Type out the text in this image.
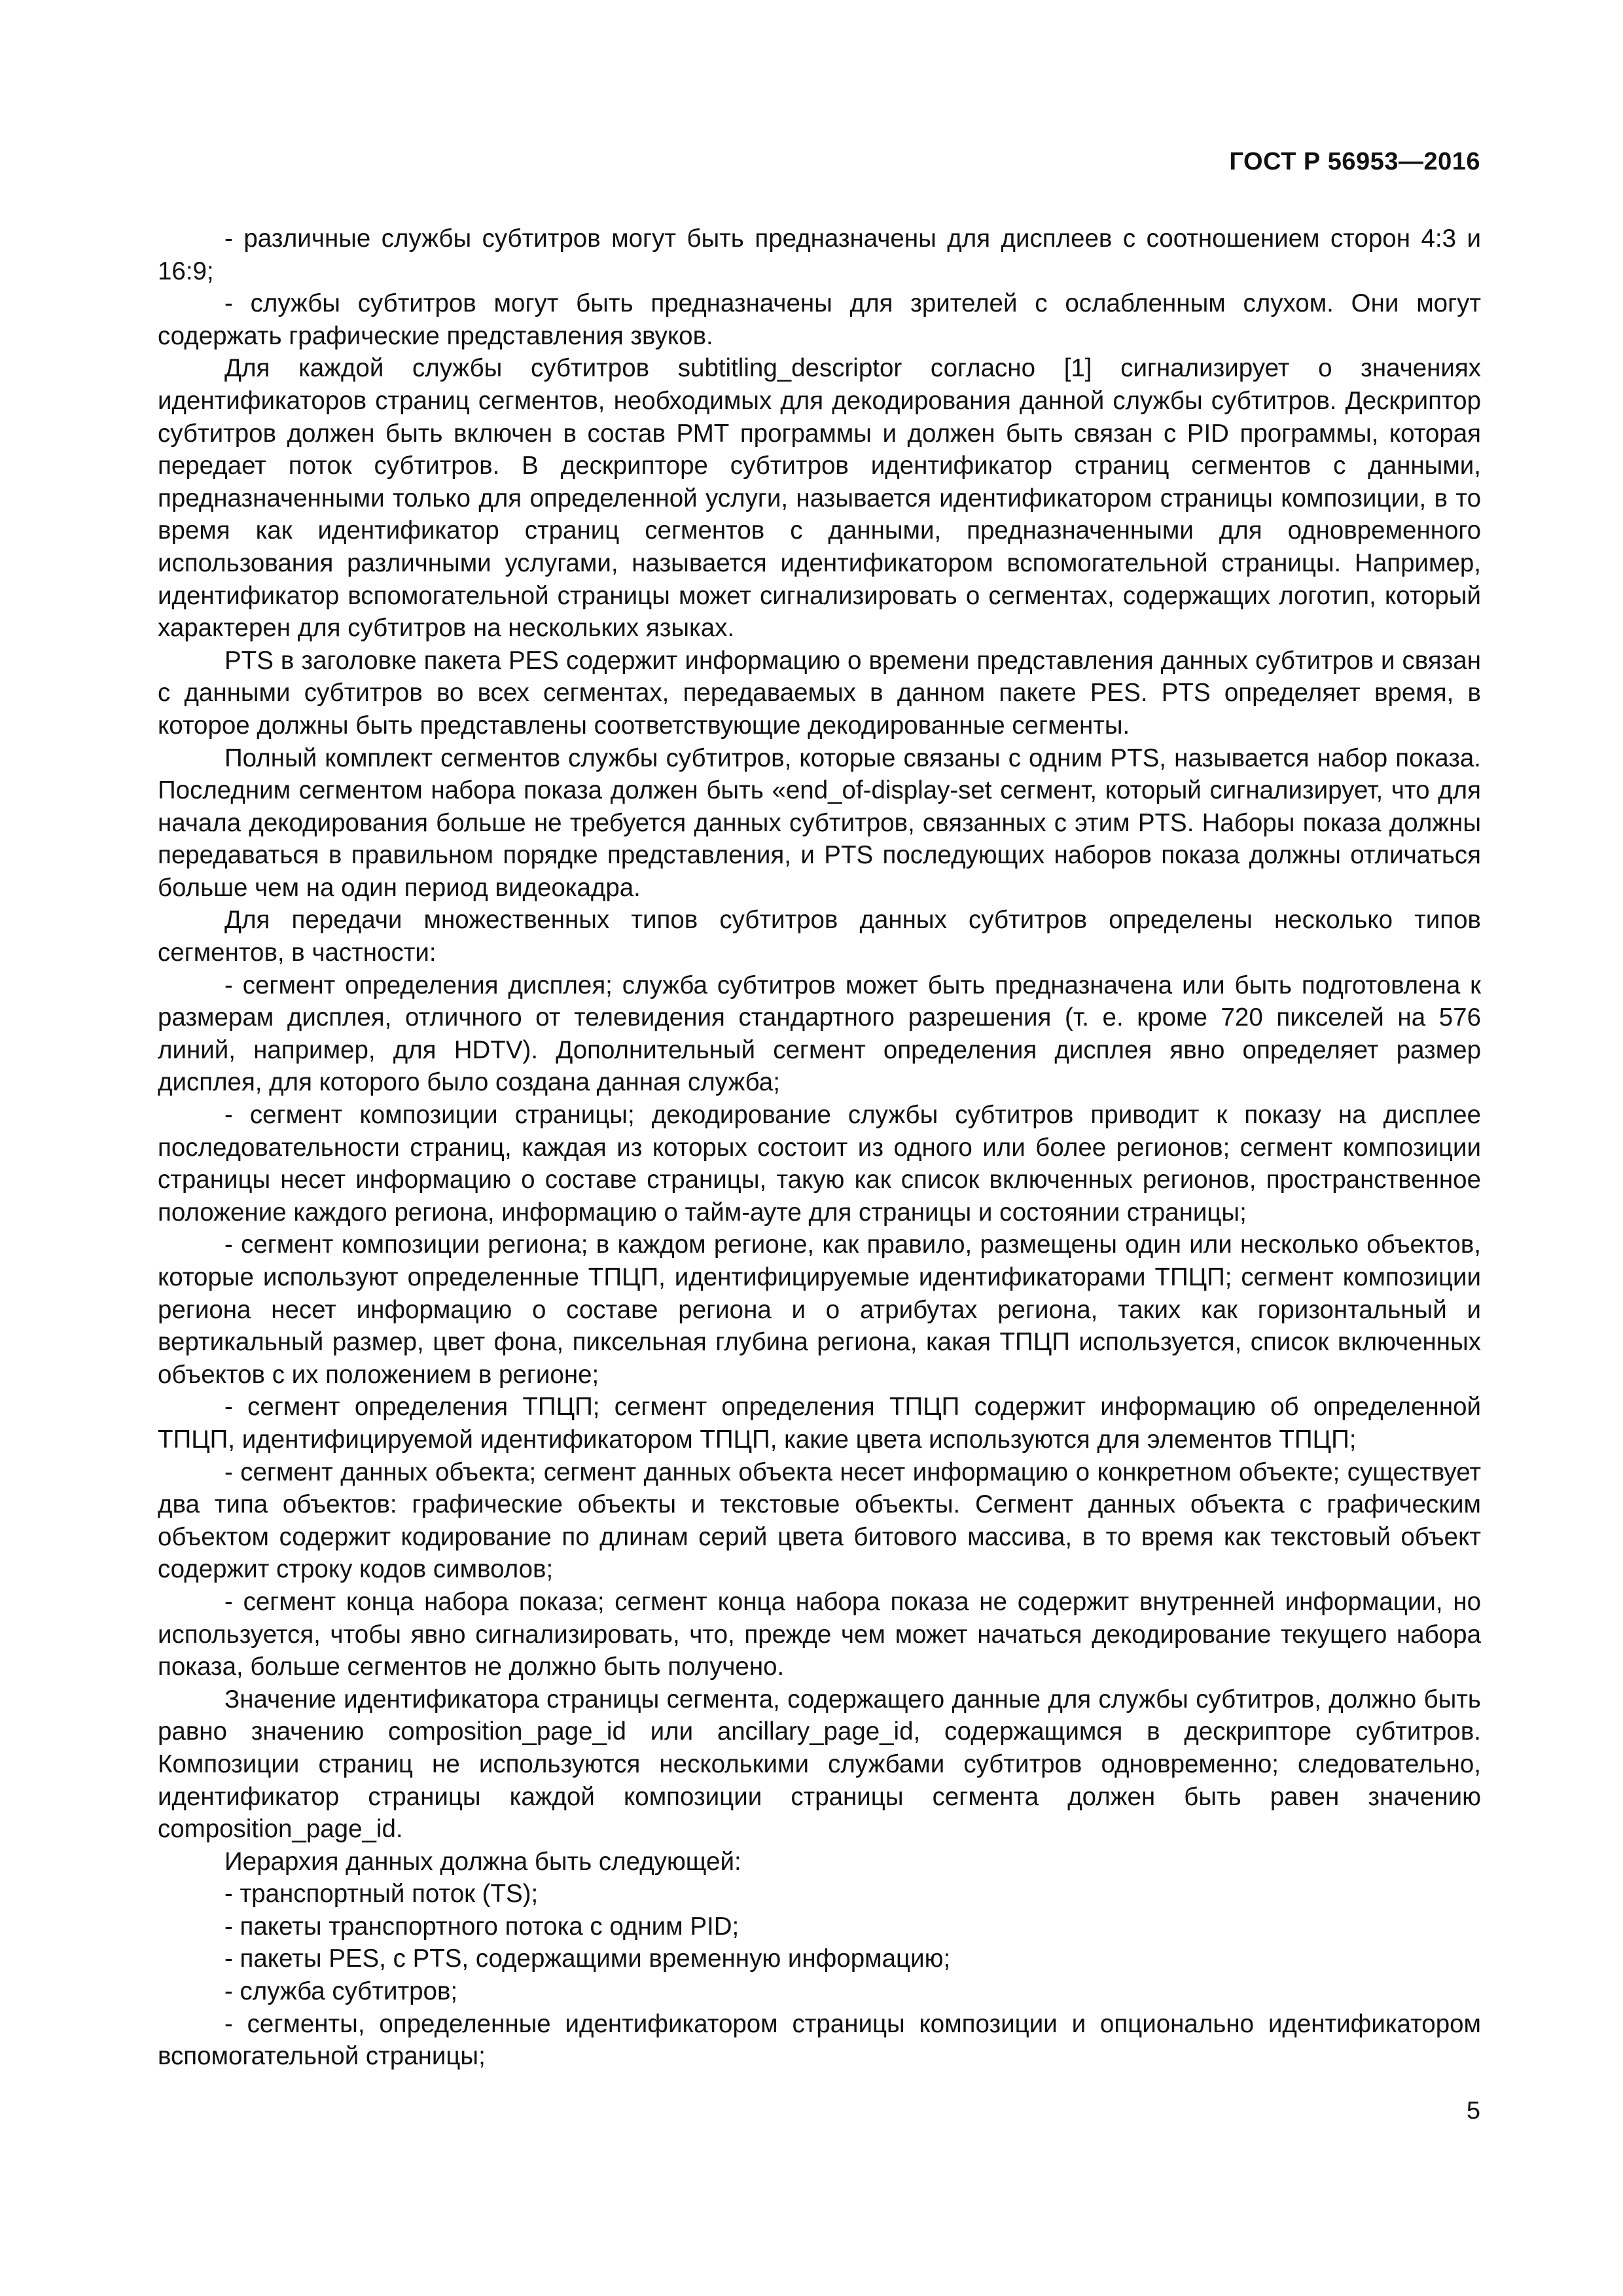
ГОСТ Р 56953—2016

- различные службы субтитров могут быть предназначены для дисплеев с соотношением сторон 4:3 и 16:9;

- службы субтитров могут быть предназначены для зрителей с ослабленным слухом. Они могут содержать графические представления звуков.

Для каждой службы субтитров subtitling_descriptor согласно [1] сигнализирует о значениях идентификаторов страниц сегментов, необходимых для декодирования данной службы субтитров. Дескриптор субтитров должен быть включен в состав РМТ программы и должен быть связан с PID программы, которая передает поток субтитров. В дескрипторе субтитров идентификатор страниц сегментов с данными, предназначенными только для определенной услуги, называется идентификатором страницы композиции, в то время как идентификатор страниц сегментов с данными, предназначенными для одновременного использования различными услугами, называется идентификатором вспомогательной страницы. Например, идентификатор вспомогательной страницы может сигнализировать о сегментах, содержащих логотип, который характерен для субтитров на нескольких языках.

PTS в заголовке пакета PES содержит информацию о времени представления данных субтитров и связан с данными субтитров во всех сегментах, передаваемых в данном пакете PES. PTS определяет время, в которое должны быть представлены соответствующие декодированные сегменты.

Полный комплект сегментов службы субтитров, которые связаны с одним PTS, называется набор показа. Последним сегментом набора показа должен быть «end_of-display-set сегмент, который сигнализирует, что для начала декодирования больше не требуется данных субтитров, связанных с этим PTS. Наборы показа должны передаваться в правильном порядке представления, и PTS последующих наборов показа должны отличаться больше чем на один период видеокадра.

Для передачи множественных типов субтитров данных субтитров определены несколько типов сегментов, в частности:

- сегмент определения дисплея; служба субтитров может быть предназначена или быть подготовлена к размерам дисплея, отличного от телевидения стандартного разрешения (т. е. кроме 720 пикселей на 576 линий, например, для HDTV). Дополнительный сегмент определения дисплея явно определяет размер дисплея, для которого было создана данная служба;

- сегмент композиции страницы; декодирование службы субтитров приводит к показу на дисплее последовательности страниц, каждая из которых состоит из одного или более регионов; сегмент композиции страницы несет информацию о составе страницы, такую как список включенных регионов, пространственное положение каждого региона, информацию о тайм-ауте для страницы и состоянии страницы;

- сегмент композиции региона; в каждом регионе, как правило, размещены один или несколько объектов, которые используют определенные ТПЦП, идентифицируемые идентификаторами ТПЦП; сегмент композиции региона несет информацию о составе региона и о атрибутах региона, таких как горизонтальный и вертикальный размер, цвет фона, пиксельная глубина региона, какая ТПЦП используется, список включенных объектов с их положением в регионе;

- сегмент определения ТПЦП; сегмент определения ТПЦП содержит информацию об определенной ТПЦП, идентифицируемой идентификатором ТПЦП, какие цвета используются для элементов ТПЦП;

- сегмент данных объекта; сегмент данных объекта несет информацию о конкретном объекте; существует два типа объектов: графические объекты и текстовые объекты. Сегмент данных объекта с графическим объектом содержит кодирование по длинам серий цвета битового массива, в то время как текстовый объект содержит строку кодов символов;

- сегмент конца набора показа; сегмент конца набора показа не содержит внутренней информации, но используется, чтобы явно сигнализировать, что, прежде чем может начаться декодирование текущего набора показа, больше сегментов не должно быть получено.

Значение идентификатора страницы сегмента, содержащего данные для службы субтитров, должно быть равно значению composition_page_id или ancillary_page_id, содержащимся в дескрипторе субтитров. Композиции страниц не используются несколькими службами субтитров одновременно; следовательно, идентификатор страницы каждой композиции страницы сегмента должен быть равен значению composition_page_id.

Иерархия данных должна быть следующей:

- транспортный поток (TS);

- пакеты транспортного потока с одним PID;

- пакеты PES, с PTS, содержащими временную информацию;

- служба субтитров;

- сегменты, определенные идентификатором страницы композиции и опционально идентификатором вспомогательной страницы;

5
